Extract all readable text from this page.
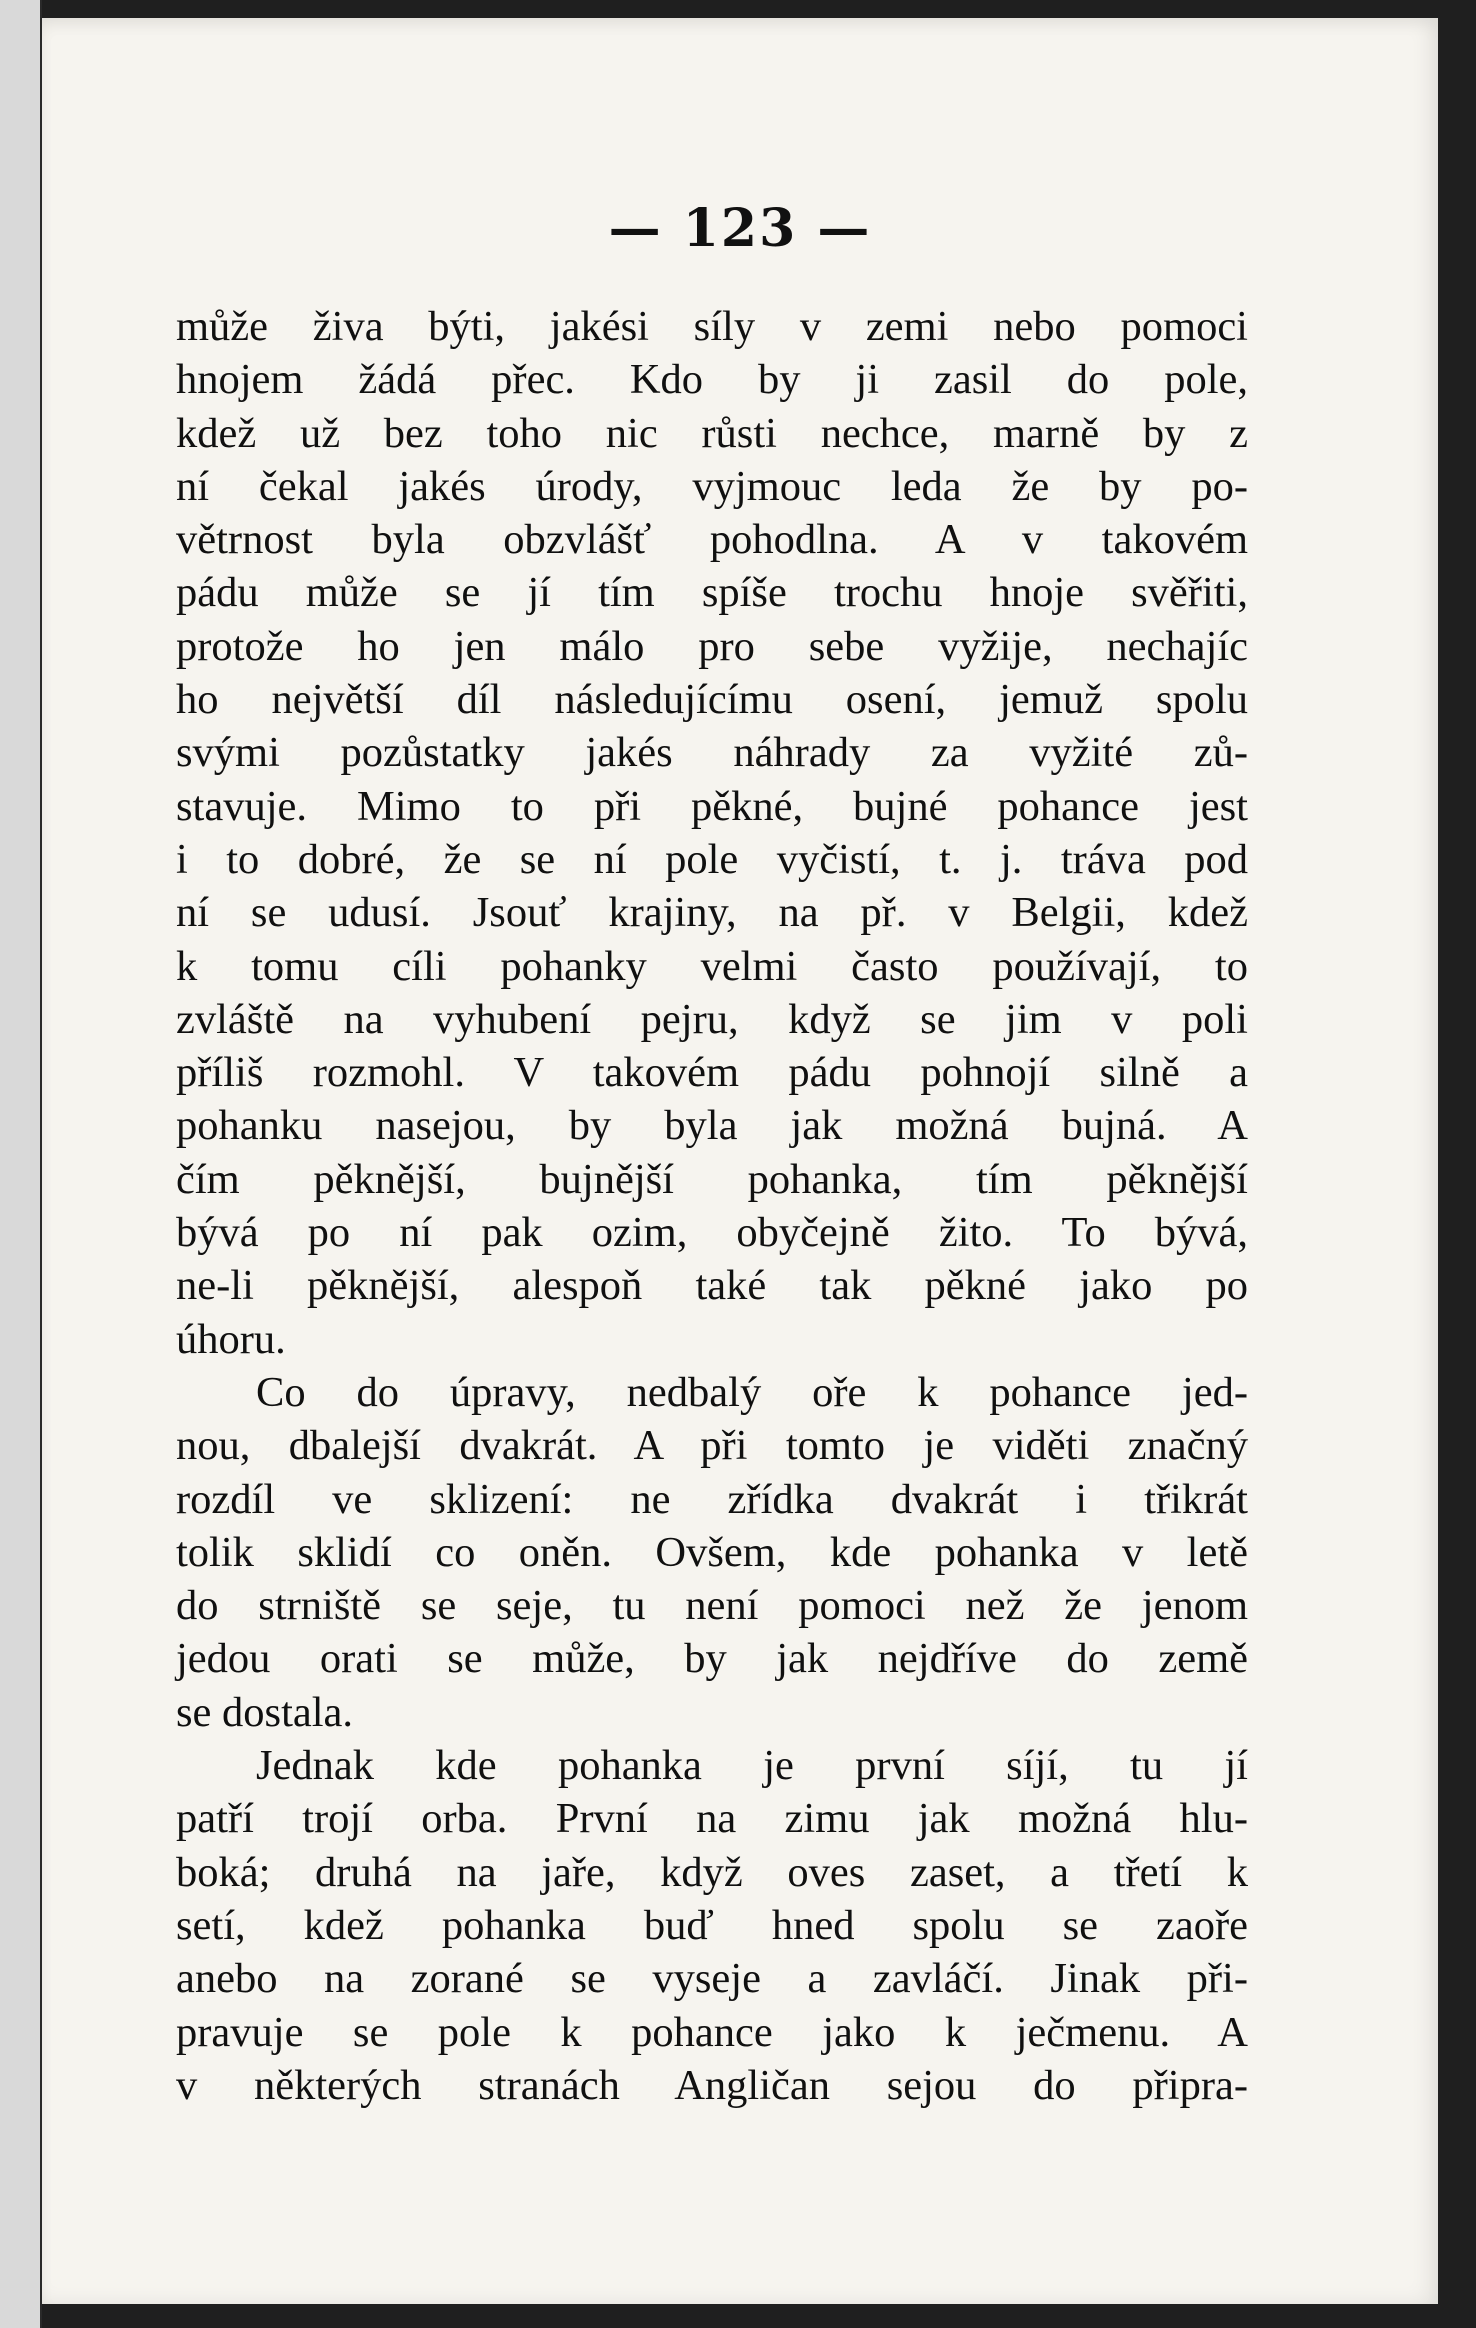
— 123 —
může živa býti, jakési síly v zemi nebo pomoci
hnojem žádá přec. Kdo by ji zasil do pole,
kdež už bez toho nic růsti nechce, marně by z
ní čekal jakés úrody, vyjmouc leda že by po-
větrnost byla obzvlášť pohodlna. A v takovém
pádu může se jí tím spíše trochu hnoje svěřiti,
protože ho jen málo pro sebe vyžije, nechajíc
ho největší díl následujícímu osení, jemuž spolu
svými pozůstatky jakés náhrady za vyžité zů-
stavuje. Mimo to při pěkné, bujné pohance jest
i to dobré, že se ní pole vyčistí, t. j. tráva pod
ní se udusí. Jsouť krajiny, na př. v Belgii, kdež
k tomu cíli pohanky velmi často používají, to
zvláště na vyhubení pejru, když se jim v poli
příliš rozmohl. V takovém pádu pohnojí silně a
pohanku nasejou, by byla jak možná bujná. A
čím pěknější, bujnější pohanka, tím pěknější
bývá po ní pak ozim, obyčejně žito. To bývá,
ne-li pěknější, alespoň také tak pěkné jako po
úhoru.
Co do úpravy, nedbalý oře k pohance jed-
nou, dbalejší dvakrát. A při tomto je viděti značný
rozdíl ve sklizení: ne zřídka dvakrát i třikrát
tolik sklidí co oněn. Ovšem, kde pohanka v letě
do strniště se seje, tu není pomoci než že jenom
jedou orati se může, by jak nejdříve do země
se dostala.
Jednak kde pohanka je první síjí, tu jí
patří trojí orba. První na zimu jak možná hlu-
boká; druhá na jaře, když oves zaset, a třetí k
setí, kdež pohanka buď hned spolu se zaoře
anebo na zorané se vyseje a zavláčí. Jinak při-
pravuje se pole k pohance jako k ječmenu. A
v některých stranách Angličan sejou do připra-
